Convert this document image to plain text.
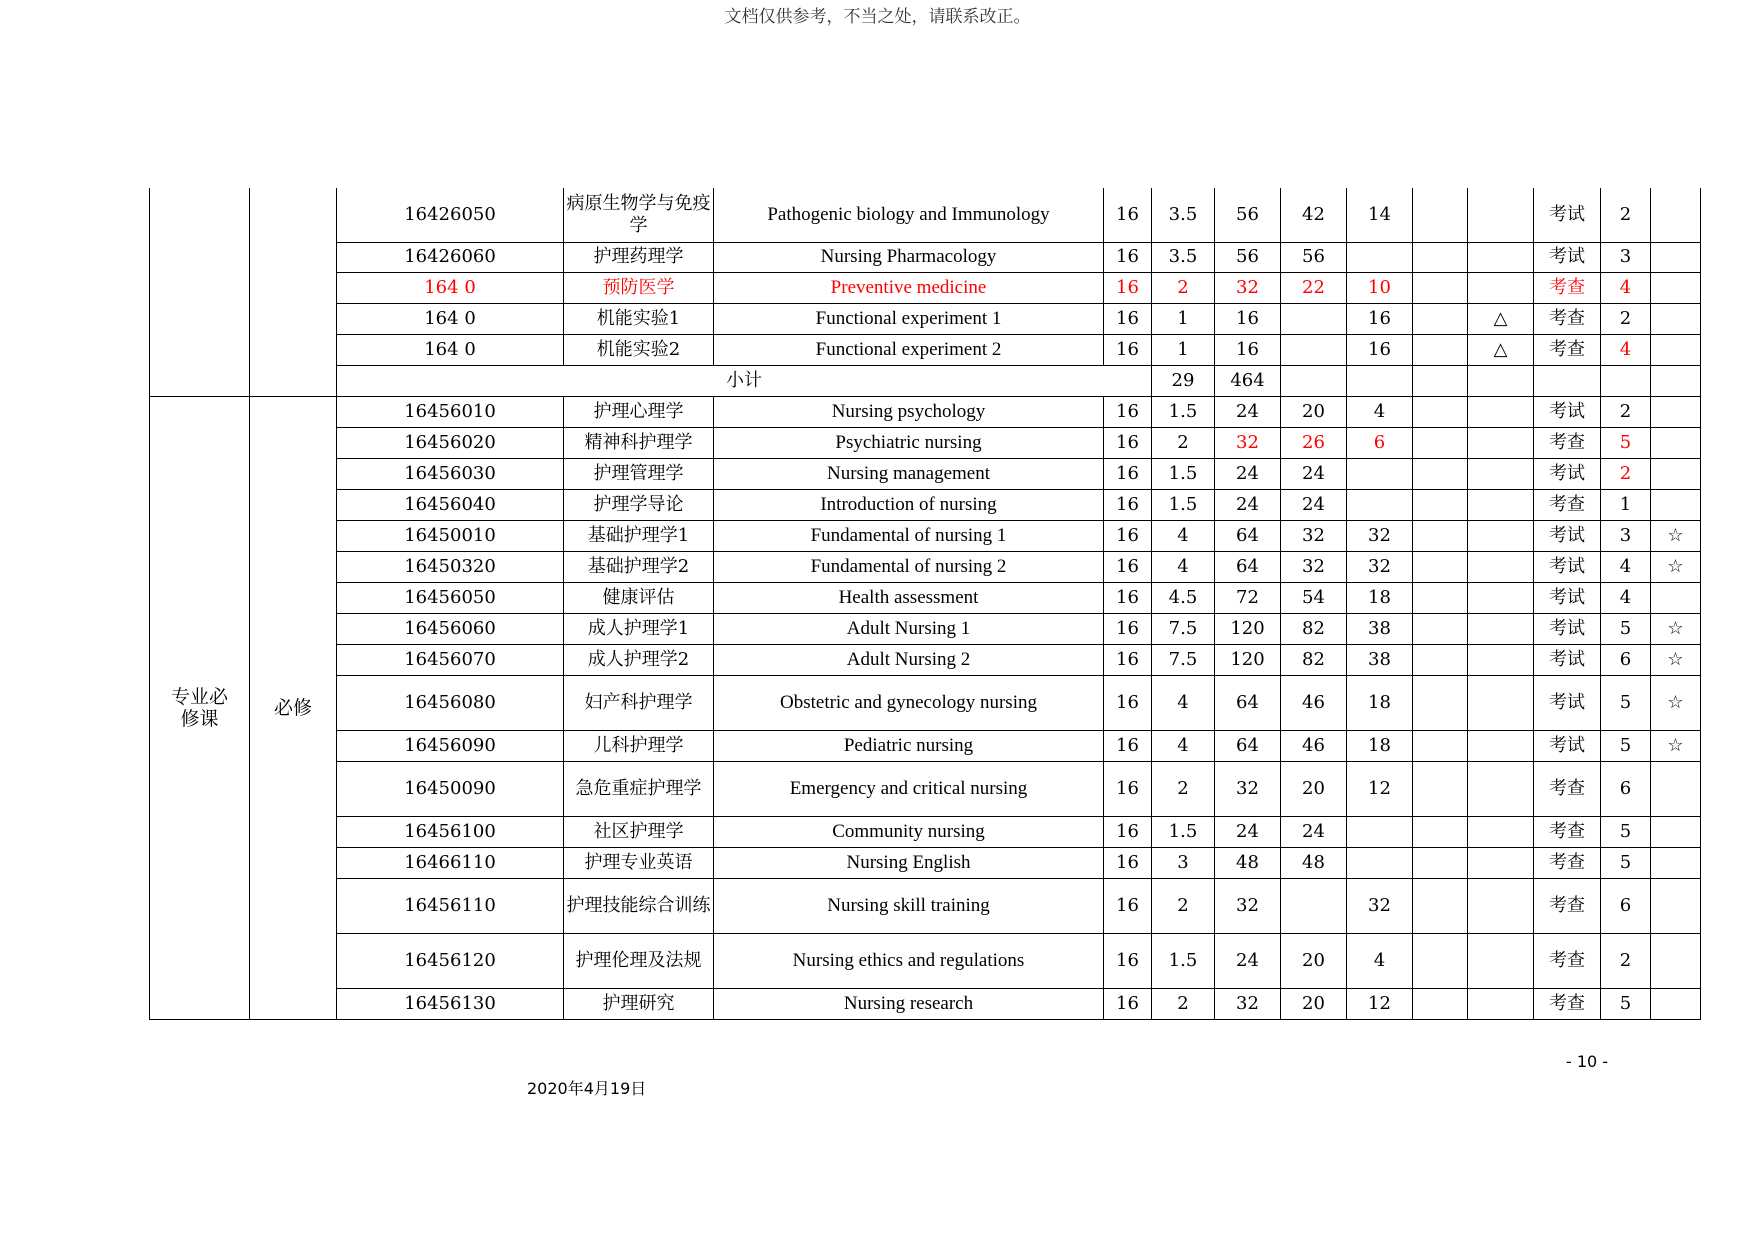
文档仅供参考，不当之处，请联系改正。
		16426050	病原生物学与免疫学	Pathogenic biology and Immunology	16	3.5	56	42	14			考试	2	
		16426060	护理药理学	Nursing Pharmacology	16	3.5	56	56				考试	3	
		164 0	预防医学	Preventive medicine	16	2	32	22	10			考查	4	
		164 0	机能实验1	Functional experiment 1	16	1	16		16		△	考查	2	
		164 0	机能实验2	Functional experiment 2	16	1	16		16		△	考查	4	
		小计				29	464							
专业必修课	必修	16456010	护理心理学	Nursing psychology	16	1.5	24	20	4			考试	2	
		16456020	精神科护理学	Psychiatric nursing	16	2	32	26	6			考查	5	
		16456030	护理管理学	Nursing management	16	1.5	24	24				考试	2	
		16456040	护理学导论	Introduction of nursing	16	1.5	24	24				考查	1	
		16450010	基础护理学1	Fundamental of nursing 1	16	4	64	32	32			考试	3	☆
		16450320	基础护理学2	Fundamental of nursing 2	16	4	64	32	32			考试	4	☆
		16456050	健康评估	Health assessment	16	4.5	72	54	18			考试	4	
		16456060	成人护理学1	Adult Nursing 1	16	7.5	120	82	38			考试	5	☆
		16456070	成人护理学2	Adult Nursing 2	16	7.5	120	82	38			考试	6	☆
		16456080	妇产科护理学	Obstetric and gynecology nursing	16	4	64	46	18			考试	5	☆
		16456090	儿科护理学	Pediatric nursing	16	4	64	46	18			考试	5	☆
		16450090	急危重症护理学	Emergency and critical nursing	16	2	32	20	12			考查	6	
		16456100	社区护理学	Community nursing	16	1.5	24	24				考查	5	
		16466110	护理专业英语	Nursing English	16	3	48	48				考查	5	
		16456110	护理技能综合训练	Nursing skill training	16	2	32		32			考查	6	
		16456120	护理伦理及法规	Nursing ethics and regulations	16	1.5	24	20	4			考查	2	
		16456130	护理研究	Nursing research	16	2	32	20	12			考查	5	
- 10 -
2020年4月19日
